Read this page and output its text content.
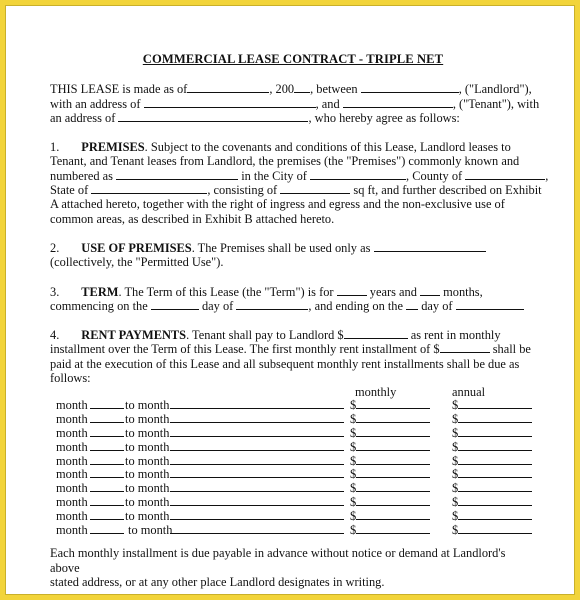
COMMERCIAL LEASE CONTRACT - TRIPLE NET

THIS LEASE is made as of	, 200 , between	, ("Landlord"),

with an address of	, and	, ("Tenant"), with

an address of	, who hereby agree as follows:

1. PREMISES. Subject to the covenants and conditions of this Lease, Landlord leases to

Tenant, and Tenant leases from Landlord, the premises (the "Premises") commonly known and

numbered as	in the City of	, County of	,

State of	, consisting of	sq ft, and further described on Exhibit

A attached hereto, together with the right of ingress and egress and the non-exclusive use of

common areas, as described in Exhibit B attached hereto.

2. USE OF PREMISES. The Premises shall be used only as

(collectively, the "Permitted Use").

3. TERM. The Term of this Lease (the "Term") is for	years and months,

commencing on the	day of	, and ending on the day of

4. RENT PAYMENTS. Tenant shall pay to Landlord $	as rent in monthly

installment over the Term of this Lease. The first monthly rent installment of $	shall be

paid at the execution of this Lease and all subsequent monthly rent installments shall be due as

follows:

monthly	annual
month	to month	$	$
month	to month	$	$
month	to month	$	$
month	to month	$	$
month	to month	$	$
month	to month	$	$
month	to month	$	$
month	to month	$	$
month	to month	$	$
month	to month	$	$

Each monthly installment is due payable in advance without notice or demand at Landlord's above

stated address, or at any other place Landlord designates in writing.
